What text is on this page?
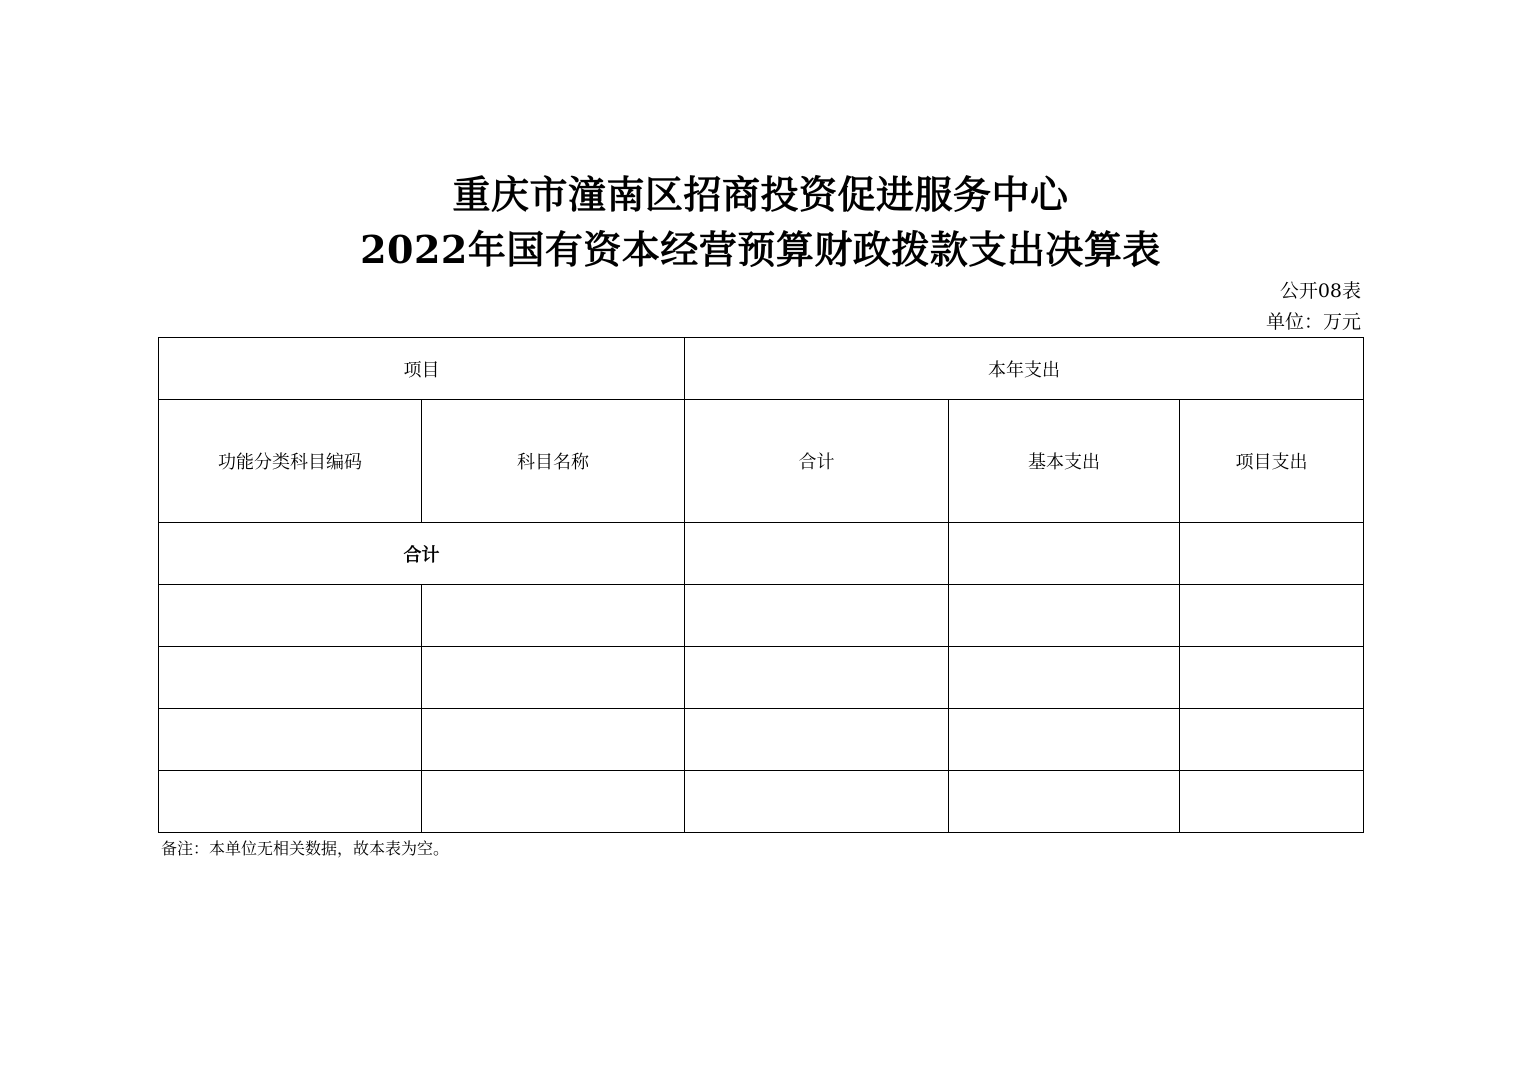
重庆市潼南区招商投资促进服务中心
2022年国有资本经营预算财政拨款支出决算表
公开08表
单位：万元
项目		本年支出		
功能分类科目编码	科目名称	合计	基本支出	项目支出
合计				

备注：本单位无相关数据，故本表为空。
